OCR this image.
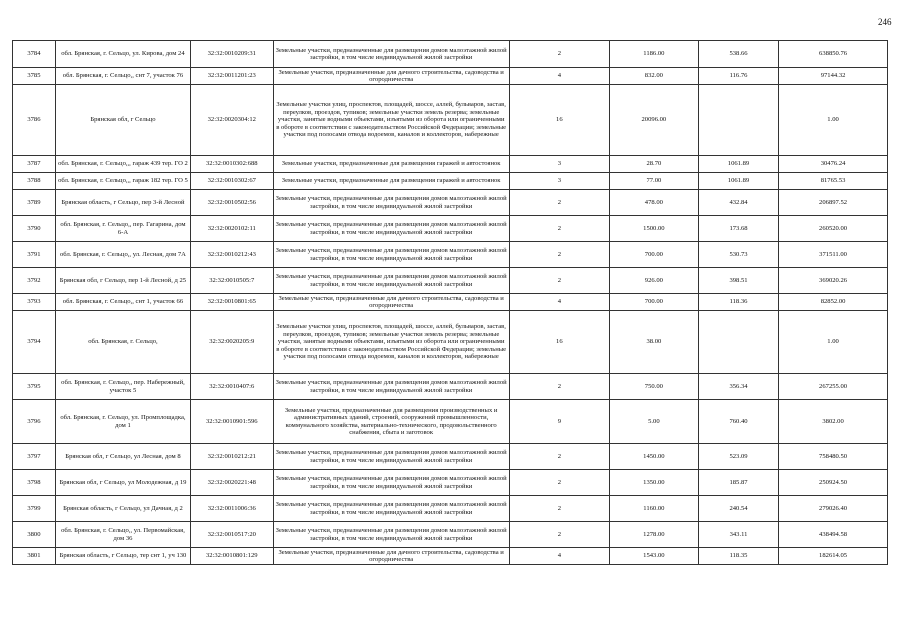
246
3784	обл. Брянская, г. Сельцо, ул. Кирова, дом 24	32:32:0010209:31	Земельные участки, предназначенные для размещения домов малоэтажной жилой застройки, в том числе индивидуальной жилой застройки	2	1186.00	538.66	638850.76
3785	обл. Брянская, г. Сельцо,, снт 7, участок 76	32:32:0011201:23	Земельные участки, предназначенные для дачного строительства, садоводства и огородничества	4	832.00	116.76	97144.32
3786	Брянская обл, г Сельцо	32:32:0020304:12	Земельные участки улиц, проспектов, площадей, шоссе, аллей, бульваров, застав, переулков, проездов, тупиков; земельные участки земель резерва; земельные участки, занятые водными объектами, изъятыми из оборота или ограниченными в обороте в соответствии с законодательством Российской Федерации; земельные участки под полосами отвода водоемов, каналов и коллекторов, набережные	16	20096.00		1.00
3787	обл. Брянская, г. Сельцо,,, гараж 439 тер. ГО 2	32:32:0010302:688	Земельные участки, предназначенные для размещения гаражей и автостоянок	3	28.70	1061.89	30476.24
3788	обл. Брянская, г. Сельцо,,, гараж 182 тер. ГО 5	32:32:0010302:67	Земельные участки, предназначенные для размещения гаражей и автостоянок	3	77.00	1061.89	81765.53
3789	Брянская область, г Сельцо, пер 3-й Лесной	32:32:0010502:56	Земельные участки, предназначенные для размещения домов малоэтажной жилой застройки, в том числе индивидуальной жилой застройки	2	478.00	432.84	206897.52
3790	обл. Брянская, г. Сельцо,, пер. Гагарина, дом 6-А	32:32:0020102:11	Земельные участки, предназначенные для размещения домов малоэтажной жилой застройки, в том числе индивидуальной жилой застройки	2	1500.00	173.68	260520.00
3791	обл. Брянская, г. Сельцо,, ул. Лесная, дом 7А	32:32:0010212:43	Земельные участки, предназначенные для размещения домов малоэтажной жилой застройки, в том числе индивидуальной жилой застройки	2	700.00	530.73	371511.00
3792	Брянская обл, г Сельцо, пер 1-й Лесной, д 25	32:32:0010505:7	Земельные участки, предназначенные для размещения домов малоэтажной жилой застройки, в том числе индивидуальной жилой застройки	2	926.00	398.51	369020.26
3793	обл. Брянская, г. Сельцо,, снт 1, участок 66	32:32:0010801:65	Земельные участки, предназначенные для дачного строительства, садоводства и огородничества	4	700.00	118.36	82852.00
3794	обл. Брянская, г. Сельцо,	32:32:0020205:9	Земельные участки улиц, проспектов, площадей, шоссе, аллей, бульваров, застав, переулков, проездов, тупиков; земельные участки земель резерва; земельные участки, занятые водными объектами, изъятыми из оборота или ограниченными в обороте в соответствии с законодательством Российской Федерации; земельные участки под полосами отвода водоемов, каналов и коллекторов, набережные	16	38.00		1.00
3795	обл. Брянская, г. Сельцо,, пер. Набережный, участок 5	32:32:0010407:6	Земельные участки, предназначенные для размещения домов малоэтажной жилой застройки, в том числе индивидуальной жилой застройки	2	750.00	356.34	267255.00
3796	обл. Брянская, г. Сельцо, ул. Промплощадка, дом 1	32:32:0010901:596	Земельные участки, предназначенные для размещения производственных и административных зданий, строений, сооружений промышленности, коммунального хозяйства, материально-технического, продовольственного снабжения, сбыта и заготовок	9	5.00	760.40	3802.00
3797	Брянская обл, г Сельцо, ул Лесная, дом 8	32:32:0010212:21	Земельные участки, предназначенные для размещения домов малоэтажной жилой застройки, в том числе индивидуальной жилой застройки	2	1450.00	523.09	758480.50
3798	Брянская обл, г Сельцо, ул Молодежная, д 19	32:32:0020221:48	Земельные участки, предназначенные для размещения домов малоэтажной жилой застройки, в том числе индивидуальной жилой застройки	2	1350.00	185.87	250924.50
3799	Брянская область, г Сельцо, ул Дачная, д 2	32:32:0011006:36	Земельные участки, предназначенные для размещения домов малоэтажной жилой застройки, в том числе индивидуальной жилой застройки	2	1160.00	240.54	279026.40
3800	обл. Брянская, г. Сельцо,, ул. Первомайская, дом 36	32:32:0010517:20	Земельные участки, предназначенные для размещения домов малоэтажной жилой застройки, в том числе индивидуальной жилой застройки	2	1278.00	343.11	438494.58
3801	Брянская область, г Сельцо, тер снт 1, уч 130	32:32:0010801:129	Земельные участки, предназначенные для дачного строительства, садоводства и огородничества	4	1543.00	118.35	182614.05
